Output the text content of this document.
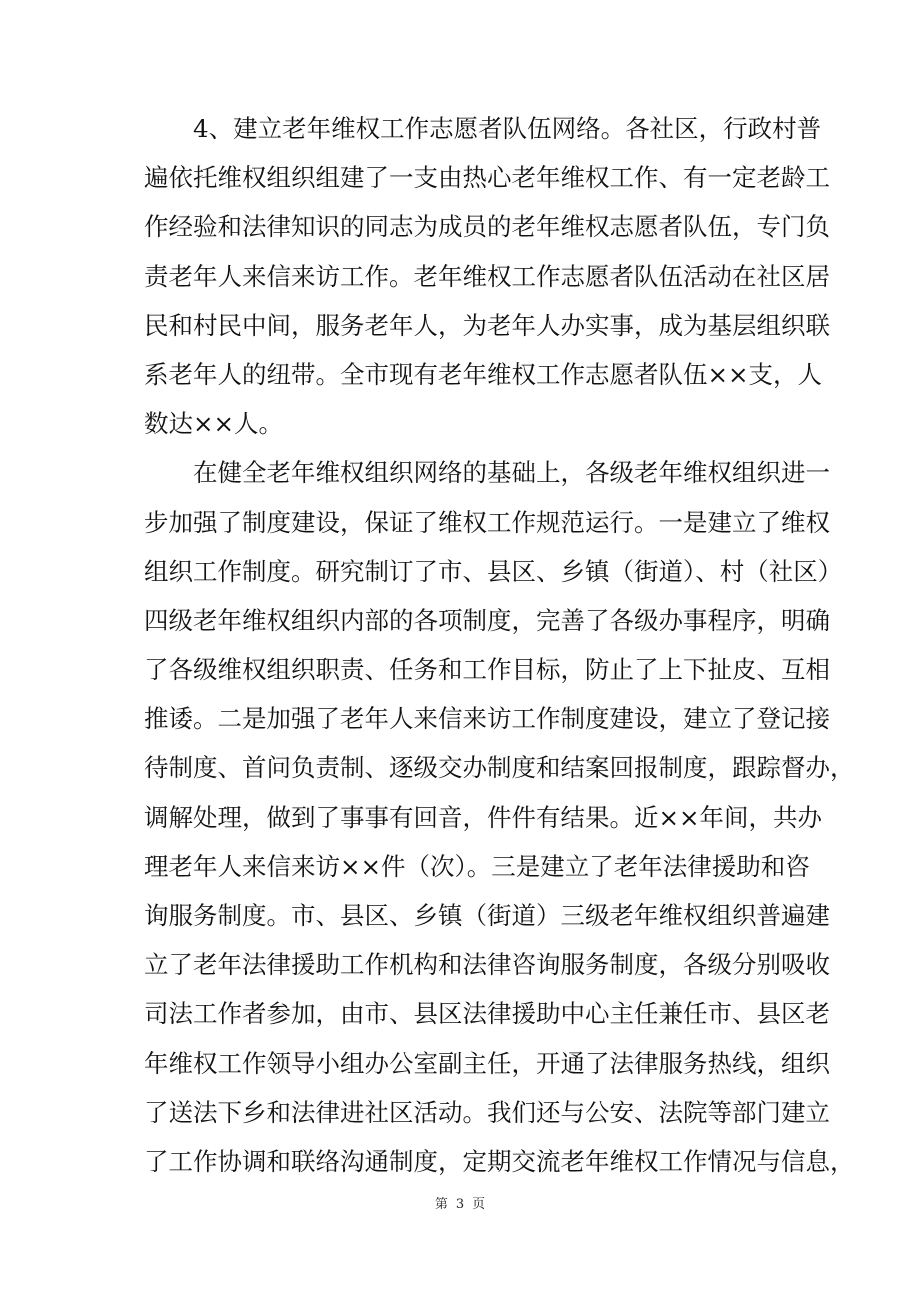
4、建立老年维权工作志愿者队伍网络。各社区，行政村普
遍依托维权组织组建了一支由热心老年维权工作、有一定老龄工
作经验和法律知识的同志为成员的老年维权志愿者队伍，专门负
责老年人来信来访工作。老年维权工作志愿者队伍活动在社区居
民和村民中间，服务老年人，为老年人办实事，成为基层组织联
系老年人的纽带。全市现有老年维权工作志愿者队伍××支，人
数达××人。
在健全老年维权组织网络的基础上，各级老年维权组织进一
步加强了制度建设，保证了维权工作规范运行。一是建立了维权
组织工作制度。研究制订了市、县区、乡镇（街道）、村（社区）
四级老年维权组织内部的各项制度，完善了各级办事程序，明确
了各级维权组织职责、任务和工作目标，防止了上下扯皮、互相
推诿。二是加强了老年人来信来访工作制度建设，建立了登记接
待制度、首问负责制、逐级交办制度和结案回报制度，跟踪督办，
调解处理，做到了事事有回音，件件有结果。近××年间，共办
理老年人来信来访××件（次）。三是建立了老年法律援助和咨
询服务制度。市、县区、乡镇（街道）三级老年维权组织普遍建
立了老年法律援助工作机构和法律咨询服务制度，各级分别吸收
司法工作者参加，由市、县区法律援助中心主任兼任市、县区老
年维权工作领导小组办公室副主任，开通了法律服务热线，组织
了送法下乡和法律进社区活动。我们还与公安、法院等部门建立
了工作协调和联络沟通制度，定期交流老年维权工作情况与信息，
第 3 页
